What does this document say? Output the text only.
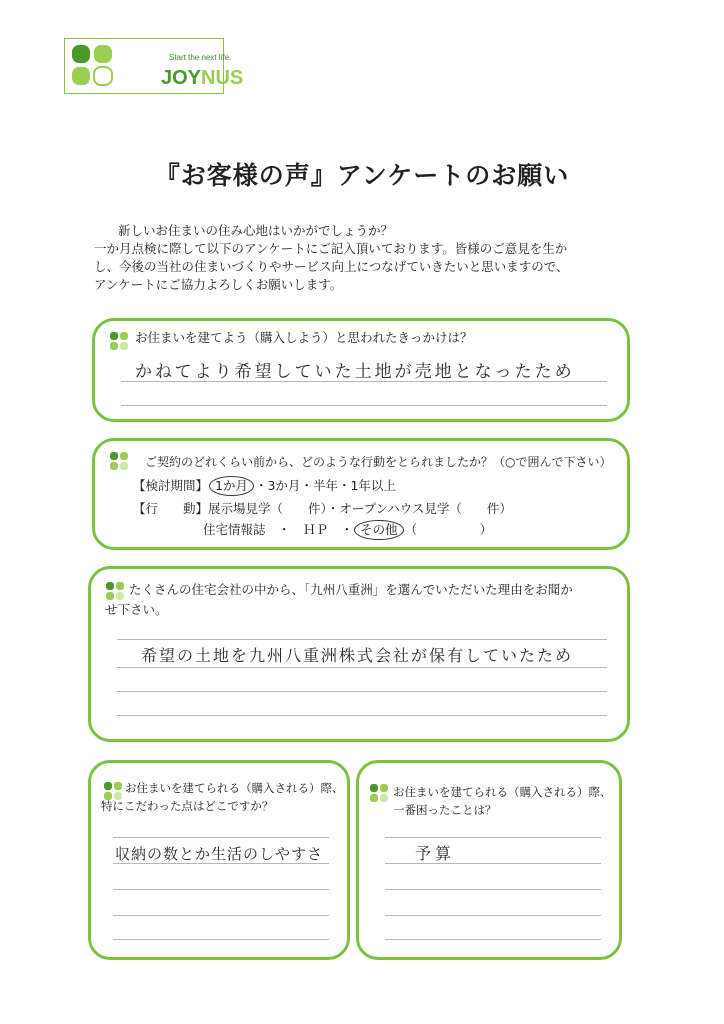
Start the next life.
JOYNUS
『お客様の声』アンケートのお願い

新しいお住まいの住み心地はいかがでしょうか？

一か月点検に際して以下のアンケートにご記入頂いております。皆様のご意見を生か

し、今後の当社の住まいづくりやサービス向上につなげていきたいと思いますので、

アンケートにご協力よろしくお願いします。

お住まいを建てよう（購入しよう）と思われたきっかけは？
かねてより希望していた土地が売地となったため
ご契約のどれくらい前から、どのような行動をとられましたか？（○で囲んで下さい）
【検討期間】 1か月 ・3か月・半年・1年以上
【行　　動】展示場見学（　　件）・オープンハウス見学（　　件）
住宅情報誌　 ・　 ＨＰ　 ・ その他 （　　　　　）
たくさんの住宅会社の中から、「九州八重洲」を選んでいただいた理由をお聞か
せ下さい。
希望の土地を九州八重洲株式会社が保有していたため
お住まいを建てられる（購入される）際、
特にこだわった点はどこですか？
収納の数とか生活のしやすさ
お住まいを建てられる（購入される）際、
一番困ったことは？
予算
